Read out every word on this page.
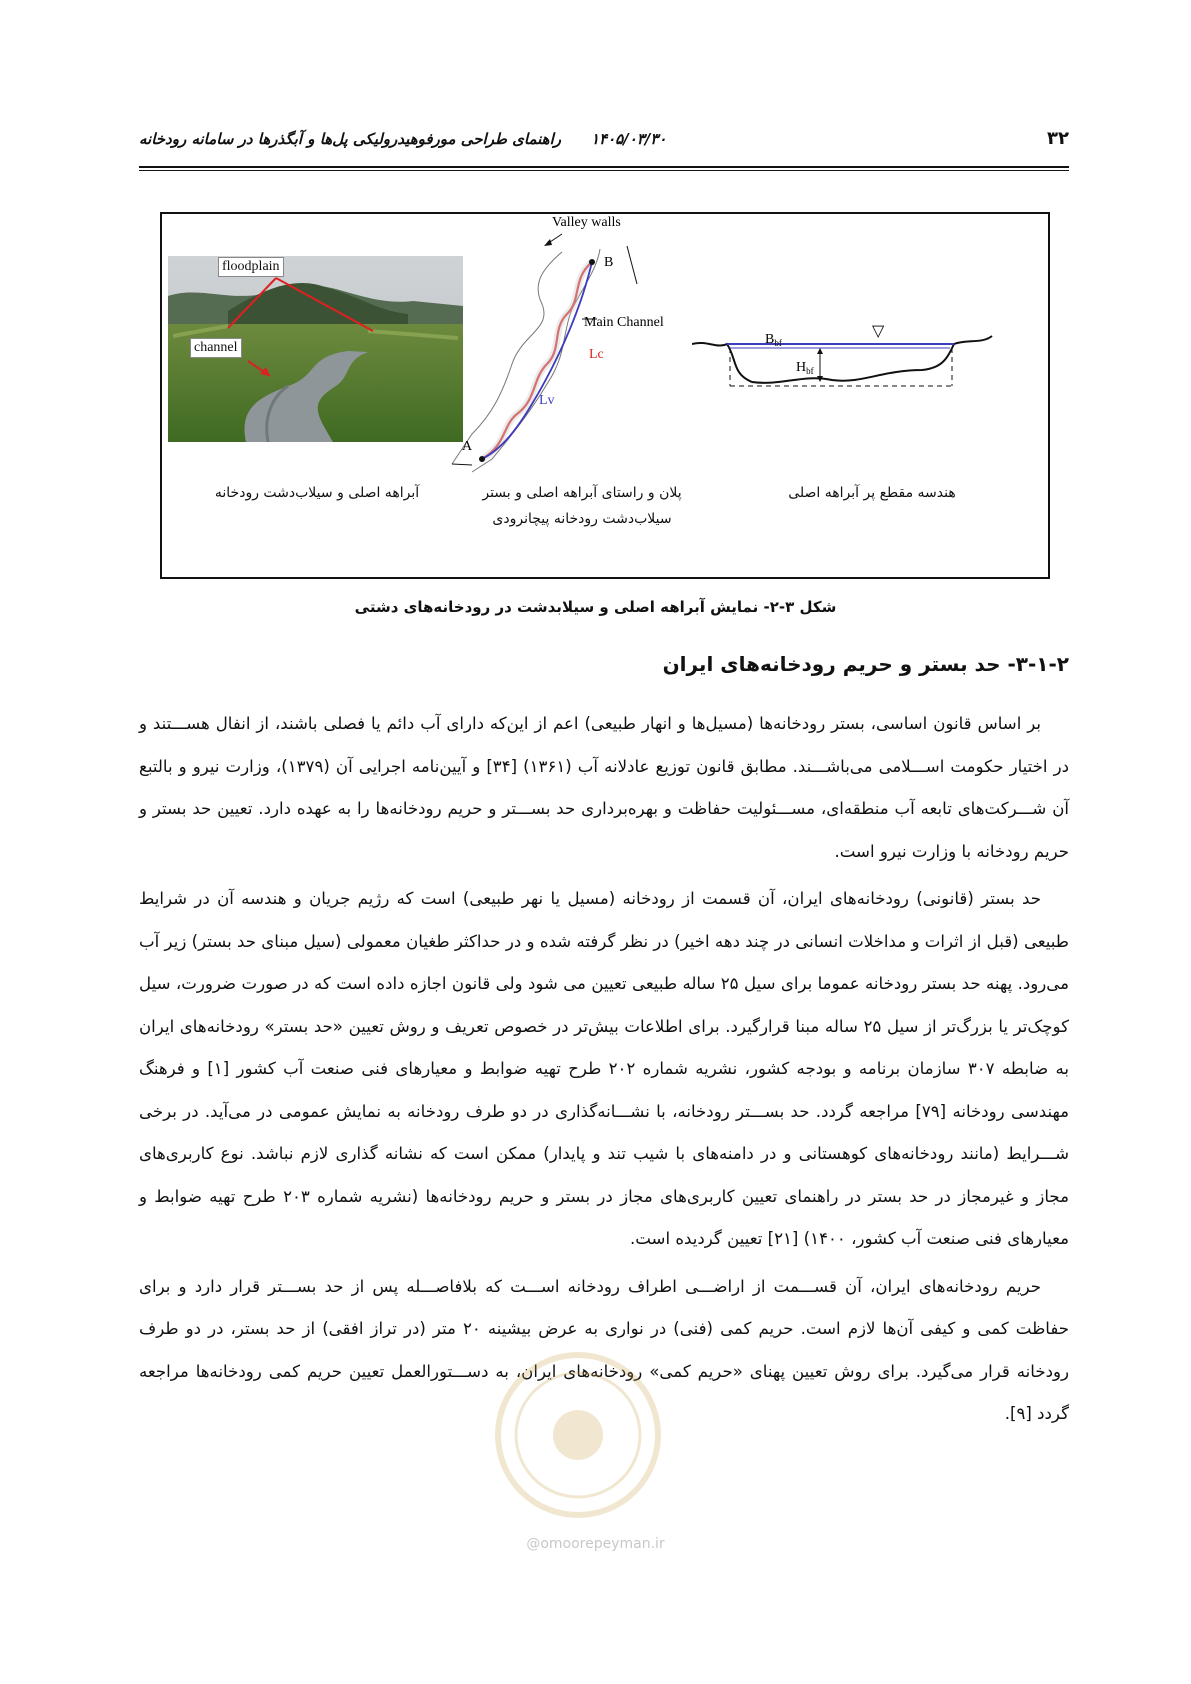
۳۲
۱۴۰۵/۰۳/۳۰راهنمای طراحی مورفوهیدرولیکی پل‌ها و آبگذرها در سامانه رودخانه
floodplain
channel
Valley walls
B
Main Channel
Lc
Lv
A
▽
$B_{bf}$
$H_{bf}$
آبراهه اصلی و سیلاب‌دشت رودخانه	پلان و راستای آبراهه اصلی و بستر
سیلاب‌دشت رودخانه پیچانرودی
هندسه مقطع پر آبراهه اصلی
شکل ۳-۲- نمایش آبراهه اصلی و سیلابدشت در رودخانه‌های دشتی
۳-۱-۲- حد بستر و حریم رودخانه‌های ایران

بر اساس قانون اساسی، بستر رودخانه‌ها (مسیل‌ها و انهار طبیعی) اعم از این‌که دارای آب دائم یا فصلی باشند، از انفال هســـتند و در اختیار حکومت اســـلامی می‌باشـــند. مطابق قانون توزیع عادلانه آب (۱۳۶۱) [۳۴] و آیین‌نامه اجرایی آن (۱۳۷۹)، وزارت نیرو و بالتبع آن شـــرکت‌های تابعه آب منطقه‌ای، مســـئولیت حفاظت و بهره‌برداری حد بســـتر و حریم رودخانه‌ها را به عهده دارد. تعیین حد بستر و حریم رودخانه با وزارت نیرو است.

حد بستر (قانونی) رودخانه‌های ایران، آن قسمت از رودخانه (مسیل یا نهر طبیعی) است که رژیم جریان و هندسه آن در شرایط طبیعی (قبل از اثرات و مداخلات انسانی در چند دهه اخیر) در نظر گرفته شده و در حداکثر طغیان معمولی (سیل مبنای حد بستر) زیر آب می‌رود. پهنه حد بستر رودخانه عموما برای سیل ۲۵ ساله طبیعی تعیین می شود ولی قانون اجازه داده است که در صورت ضرورت، سیل کوچک‌تر یا بزرگ‌تر از سیل ۲۵ ساله مبنا قرارگیرد. برای اطلاعات بیش‌تر در خصوص تعریف و روش تعیین «حد بستر» رودخانه‌های ایران به ضابطه ۳۰۷ سازمان برنامه و بودجه کشور، نشریه شماره ۲۰۲ طرح تهیه ضوابط و معیارهای فنی صنعت آب کشور [۱] و فرهنگ مهندسی رودخانه [۷۹] مراجعه گردد. حد بســـتر رودخانه، با نشـــانه‌گذاری در دو طرف رودخانه به نمایش عمومی در می‌آید. در برخی شـــرایط (مانند رودخانه‌های کوهستانی و در دامنه‌های با شیب تند و پایدار) ممکن است که نشانه گذاری لازم نباشد. نوع کاربری‌های مجاز و غیرمجاز در حد بستر در راهنمای تعیین کاربری‌های مجاز در بستر و حریم رودخانه‌ها (نشریه شماره ۲۰۳ طرح تهیه ضوابط و معیارهای فنی صنعت آب کشور، ۱۴۰۰) [۲۱] تعیین گردیده است.

حریم رودخانه‌های ایران، آن قســـمت از اراضـــی اطراف رودخانه اســـت که بلافاصـــله پس از حد بســـتر قرار دارد و برای حفاظت کمی و کیفی آن‌ها لازم است. حریم کمی (فنی) در نواری به عرض بیشینه ۲۰ متر (در تراز افقی) از حد بستر، در دو طرف رودخانه قرار می‌گیرد. برای روش تعیین پهنای «حریم کمی» رودخانه‌های ایران، به دســـتورالعمل تعیین حریم کمی رودخانه‌ها مراجعه گردد [۹].

@omoorepeyman.ir
